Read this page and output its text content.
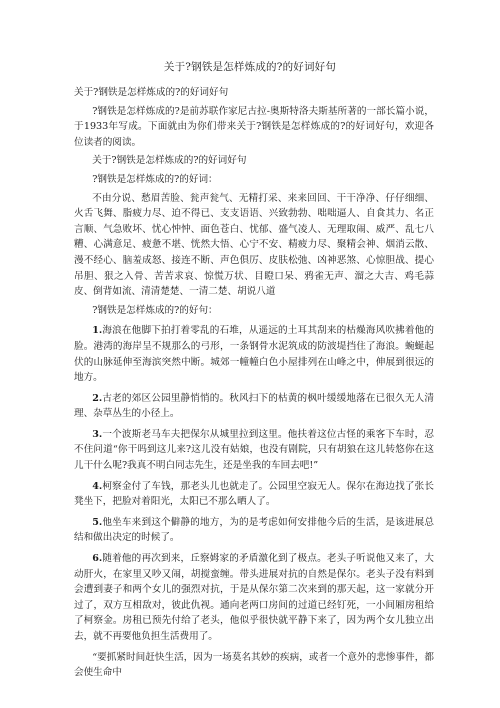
关于?钢铁是怎样炼成的?的好词好句

关于?钢铁是怎样炼成的?的好词好句

?钢铁是怎样炼成的?是前苏联作家尼古拉-奥斯特洛夫斯基所著的一部长篇小说，于1933年写成。下面就由为你们带来关于?钢铁是怎样炼成的?的好词好句，欢迎各位读者的阅读。

关于?钢铁是怎样炼成的?的好词好句

?钢铁是怎样炼成的?的好词：

不由分说、愁眉苦脸、瓮声瓮气、无精打采、来来回回、干干净净、仔仔细细、火舌飞舞、脂疲力尽、迫不得已、支支语语、兴致勃勃、咄咄逼人、自食其力、名正言顺、气急败坏、忧心忡忡、面色苍白、忧郁、盛气凌人、无理取闹、威严、乱七八糟、心满意足、疲惫不堪、恍然大悟、心宁不安、精疲力尽、聚精会神、烟消云散、漫不经心、脑羞成怒、接连不断、声色俱厉、皮肤松弛、凶神恶煞、心惊胆战、提心吊胆、狠之入骨、苦苦求哀、惊慌万状、目瞪口呆、鸦雀无声、溜之大吉、鸡毛蒜皮、倒背如流、清清楚楚、一清二楚、胡说八道

?钢铁是怎样炼成的?的好句：

1.海浪在他脚下拍打着零乱的石堆，从遥远的土耳其刮来的枯燥海风吹拂着他的脸。港湾的海岸呈不规那么的弓形，一条钢骨水泥筑成的防波堤挡住了海浪。蜿蜒起伏的山脉延伸至海滨突然中断。城郊一幢幢白色小屋排列在山峰之中，伸展到很远的地方。

2.古老的郊区公园里静悄悄的。秋风扫下的枯黄的枫叶缓缓地落在已很久无人清理、杂草丛生的小径上。

3.一个波斯老马车夫把保尔从城里拉到这里。他扶着这位古怪的乘客下车时，忍不住问道“你干吗到这儿来?这儿没有姑娘，也没有剧院，只有胡狼在这儿转悠你在这儿干什么呢?我真不明白同志先生，还是坐我的车回去吧!”

4.柯察金付了车钱，那老头儿也就走了。公园里空寂无人。保尔在海边找了张长凳坐下，把脸对着阳光，太阳已不那么晒人了。

5.他坐车来到这个僻静的地方，为的是考虑如何安排他今后的生活，是该进展总结和做出决定的时候了。

6.随着他的再次到来，丘察姆家的矛盾激化到了极点。老头子听说他又来了，大动肝火，在家里又吵又闹，胡搅蛮缠。带头进展对抗的自然是保尔。老头子没有料到会遭到妻子和两个女儿的强烈对抗，于是从保尔第二次来到的那天起，这一家就分开过了，双方互相敌对，彼此仇视。通向老两口房间的过道已经钉死，一小间厢房租给了柯察金。房租已预先付给了老头，他似乎很快就平静下来了，因为两个女儿独立出去，就不再要他负担生活费用了。

“要抓紧时间赶快生活，因为一场莫名其妙的疾病，或者一个意外的悲惨事件，都会使生命中
